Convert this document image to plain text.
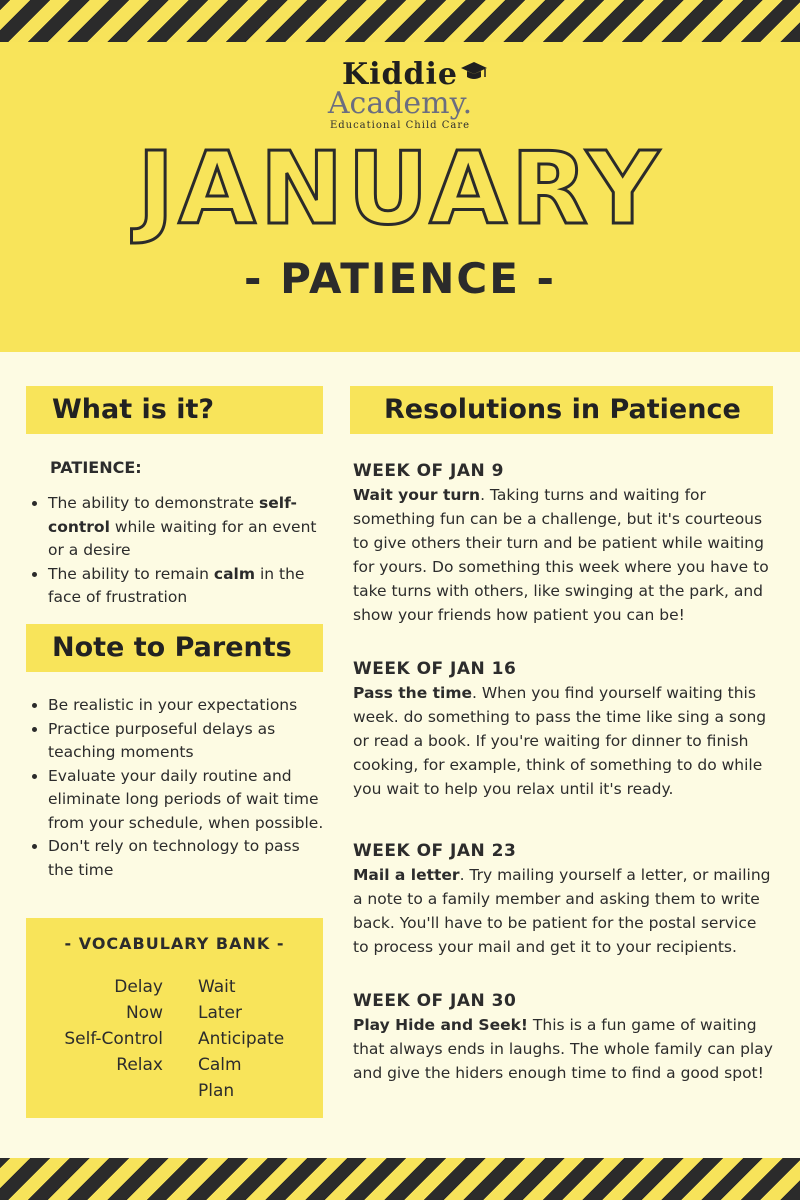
Kiddie
Academy.
Educational Child Care
JANUARY
- PATIENCE -
What is it?
PATIENCE:
• The ability to demonstrate self-control while waiting for an event or a desire
• The ability to remain calm in the face of frustration
Note to Parents
• Be realistic in your expectations
• Practice purposeful delays as teaching moments
• Evaluate your daily routine and eliminate long periods of wait time from your schedule, when possible.
• Don't rely on technology to pass the time
- VOCABULARY BANK -
Delay
Now
Self-Control
Relax
Wait
Later
Anticipate
Calm
Plan
Resolutions in Patience
WEEK OF JAN 9
Wait your turn. Taking turns and waiting for something fun can be a challenge, but it's courteous to give others their turn and be patient while waiting for yours. Do something this week where you have to take turns with others, like swinging at the park, and show your friends how patient you can be!
WEEK OF JAN 16
Pass the time. When you find yourself waiting this week. do something to pass the time like sing a song or read a book. If you're waiting for dinner to finish cooking, for example, think of something to do while you wait to help you relax until it's ready.
WEEK OF JAN 23
Mail a letter. Try mailing yourself a letter, or mailing a note to a family member and asking them to write back. You'll have to be patient for the postal service to process your mail and get it to your recipients.
WEEK OF JAN 30
Play Hide and Seek! This is a fun game of waiting that always ends in laughs. The whole family can play and give the hiders enough time to find a good spot!
